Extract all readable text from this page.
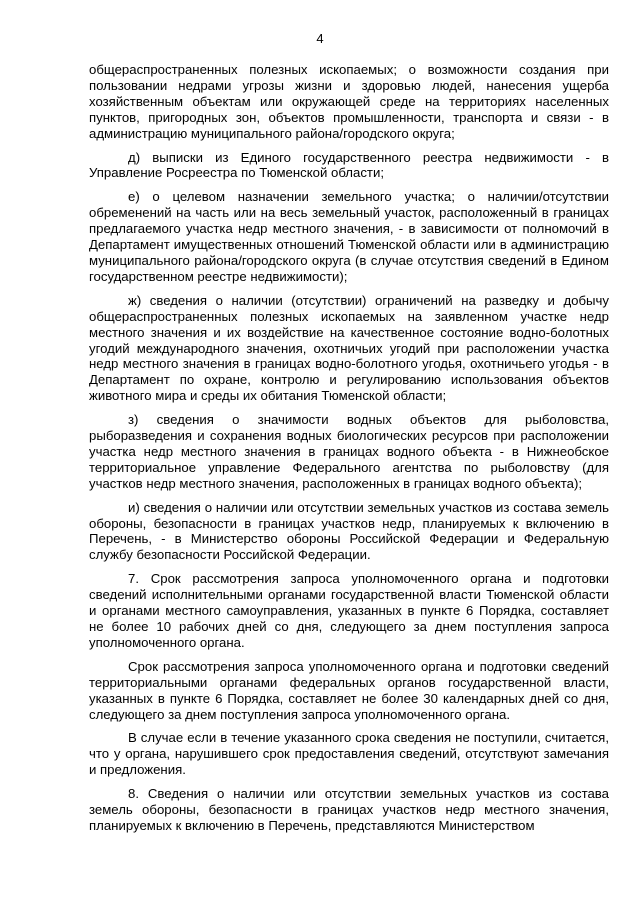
4

общераспространенных полезных ископаемых; о возможности создания при пользовании недрами угрозы жизни и здоровью людей, нанесения ущерба хозяйственным объектам или окружающей среде на территориях населенных пунктов, пригородных зон, объектов промышленности, транспорта и связи - в администрацию муниципального района/городского округа;

д) выписки из Единого государственного реестра недвижимости - в Управление Росреестра по Тюменской области;

е) о целевом назначении земельного участка; о наличии/отсутствии обременений на часть или на весь земельный участок, расположенный в границах предлагаемого участка недр местного значения, - в зависимости от полномочий в Департамент имущественных отношений Тюменской области или в администрацию муниципального района/городского округа (в случае отсутствия сведений в Едином государственном реестре недвижимости);

ж) сведения о наличии (отсутствии) ограничений на разведку и добычу общераспространенных полезных ископаемых на заявленном участке недр местного значения и их воздействие на качественное состояние водно-болотных угодий международного значения, охотничьих угодий при расположении участка недр местного значения в границах водно-болотного угодья, охотничьего угодья - в Департамент по охране, контролю и регулированию использования объектов животного мира и среды их обитания Тюменской области;

з) сведения о значимости водных объектов для рыболовства, рыборазведения и сохранения водных биологических ресурсов при расположении участка недр местного значения в границах водного объекта - в Нижнеобское территориальное управление Федерального агентства по рыболовству (для участков недр местного значения, расположенных в границах водного объекта);

и) сведения о наличии или отсутствии земельных участков из состава земель обороны, безопасности в границах участков недр, планируемых к включению в Перечень, - в Министерство обороны Российской Федерации и Федеральную службу безопасности Российской Федерации.

7. Срок рассмотрения запроса уполномоченного органа и подготовки сведений исполнительными органами государственной власти Тюменской области и органами местного самоуправления, указанных в пункте 6 Порядка, составляет не более 10 рабочих дней со дня, следующего за днем поступления запроса уполномоченного органа.

Срок рассмотрения запроса уполномоченного органа и подготовки сведений территориальными органами федеральных органов государственной власти, указанных в пункте 6 Порядка, составляет не более 30 календарных дней со дня, следующего за днем поступления запроса уполномоченного органа.

В случае если в течение указанного срока сведения не поступили, считается, что у органа, нарушившего срок предоставления сведений, отсутствуют замечания и предложения.

8. Сведения о наличии или отсутствии земельных участков из состава земель обороны, безопасности в границах участков недр местного значения, планируемых к включению в Перечень, представляются Министерством
